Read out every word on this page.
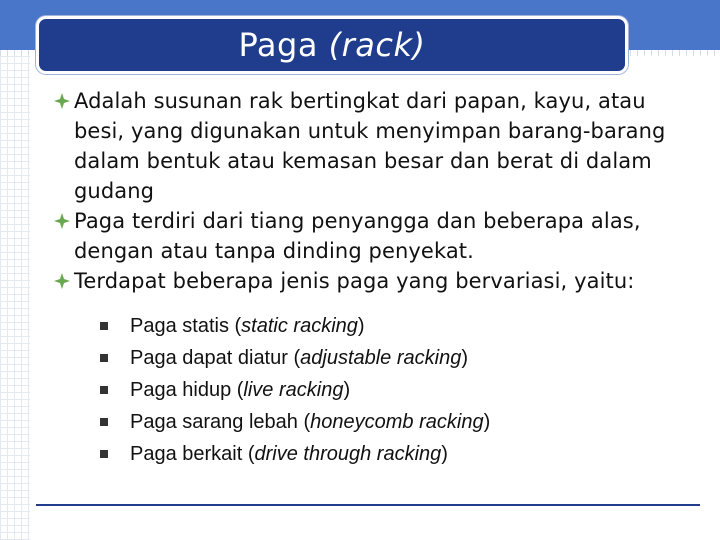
Paga (rack)
Adalah susunan rak bertingkat dari papan, kayu, atau besi, yang digunakan untuk menyimpan barang-barang dalam bentuk atau kemasan besar dan berat di dalam gudang
Paga terdiri dari tiang penyangga dan beberapa alas, dengan atau tanpa dinding penyekat.
Terdapat beberapa jenis paga yang bervariasi, yaitu:
Paga statis (static racking)
Paga dapat diatur (adjustable racking)
Paga hidup (live racking)
Paga sarang lebah (honeycomb racking)
Paga berkait (drive through racking)
